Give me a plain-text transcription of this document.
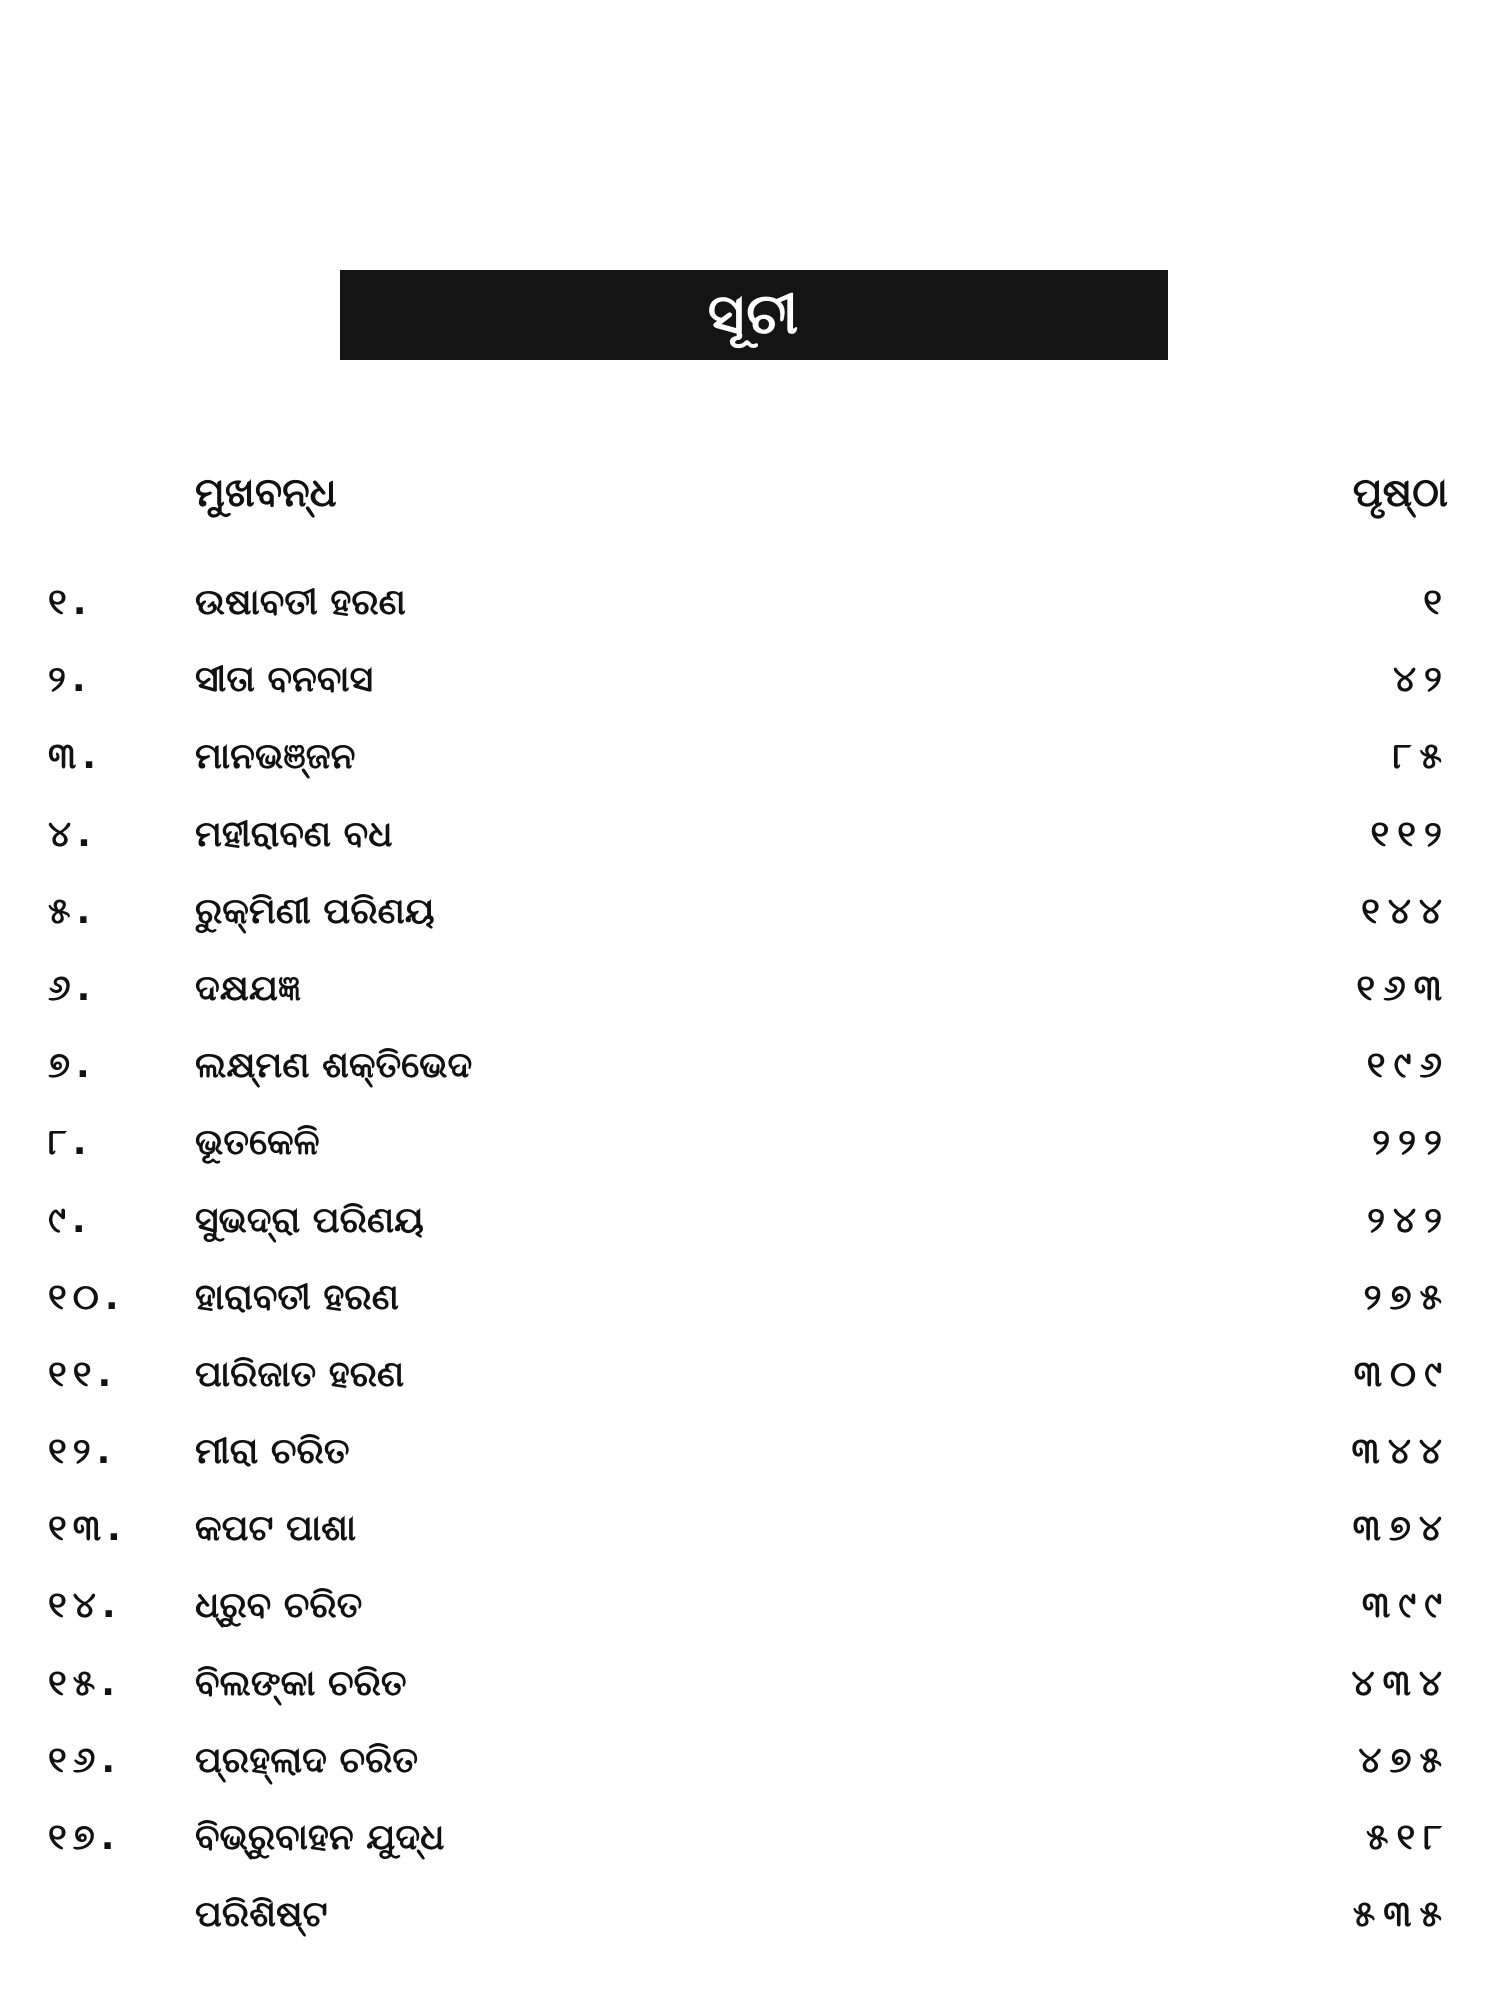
ସୂଚୀ
ମୁଖବନ୍ଧ	ପୃଷ୍ଠା
୧.	ଉଷାବତୀ ହରଣ	୧
୨.	ସୀତା ବନବାସ	୪୨
୩.	ମାନଭଞ୍ଜନ	୮୫
୪.	ମହୀରାବଣ ବଧ	୧୧୨
୫.	ରୁକ୍ମିଣୀ ପରିଣୟ	୧୪୪
୬.	ଦକ୍ଷଯଜ୍ଞ	୧୬୩
୭.	ଲକ୍ଷ୍ମଣ ଶକ୍ତିଭେଦ	୧୯୬
୮.	ଭୂତକେଳି	୨୨୨
୯.	ସୁଭଦ୍ରା ପରିଣୟ	୨୪୨
୧୦. ହାରାବତୀ ହରଣ	୨୭୫
୧୧. ପାରିଜାତ ହରଣ	୩୦୯
୧୨. ମୀରା ଚରିତ	୩୪୪
୧୩. କପଟ ପାଶା	୩୭୪
୧୪. ଧ୍ରୁବ ଚରିତ	୩୯୯
୧୫. ବିଲଙ୍କା ଚରିତ	୪୩୪
୧୬. ପ୍ରହ୍ଲାଦ ଚରିତ	୪୭୫
୧୭. ବିଭ୍ରୁବାହନ ଯୁଦ୍ଧ	୫୧୮
ପରିଶିଷ୍ଟ	୫୩୫
